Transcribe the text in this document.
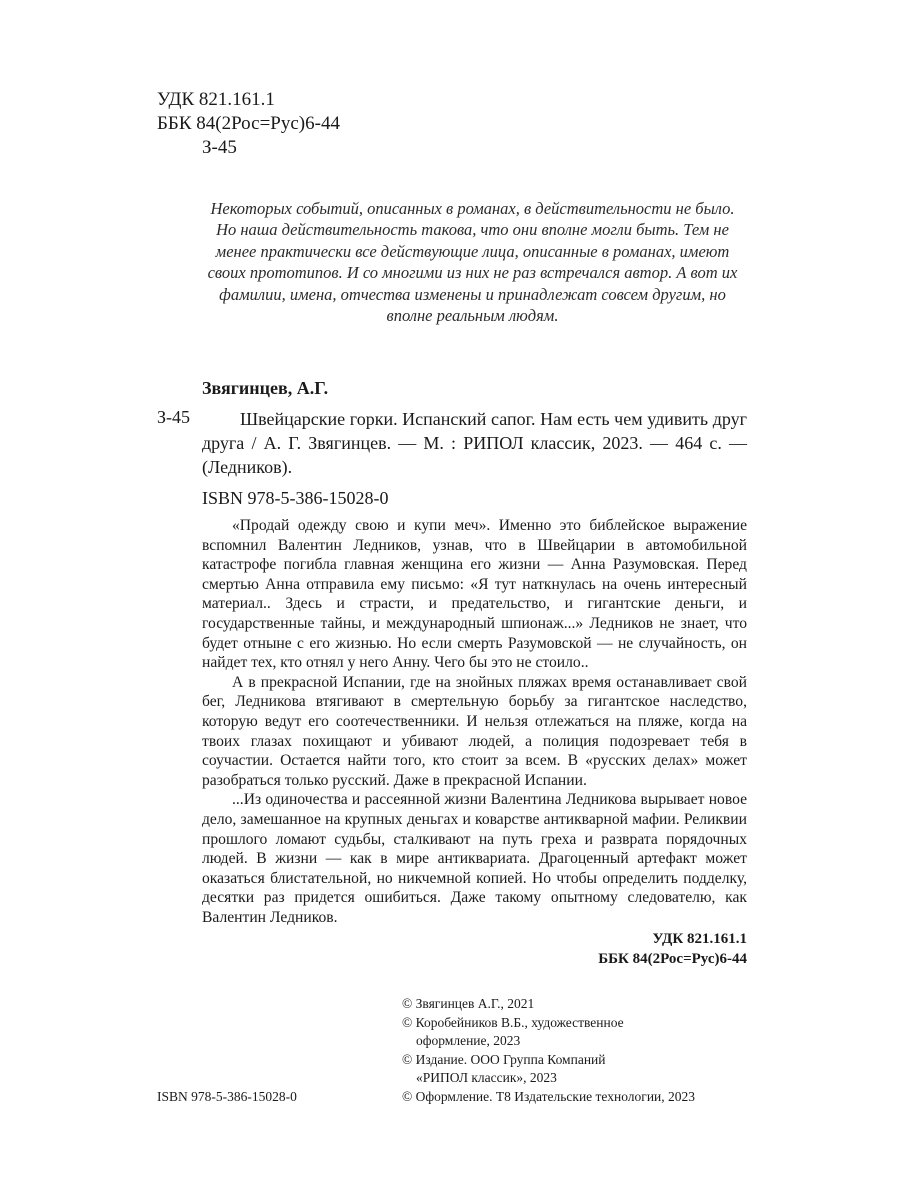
УДК 821.161.1
ББК 84(2Рос=Рус)6-44
З-45
Некоторых событий, описанных в романах, в действительности не было. Но наша действительность такова, что они вполне могли быть. Тем не менее практически все действующие лица, описанные в романах, имеют своих прототипов. И со многими из них не раз встречался автор. А вот их фамилии, имена, отчества изменены и принадлежат совсем другим, но вполне реальным людям.
Звягинцев, А.Г.
З-45	Швейцарские горки. Испанский сапог. Нам есть чем удивить друг друга / А. Г. Звягинцев. — М. : РИПОЛ классик, 2023. — 464 с. — (Ледников).
ISBN 978-5-386-15028-0

«Продай одежду свою и купи меч». Именно это библейское выражение вспомнил Валентин Ледников, узнав, что в Швейцарии в автомобильной катастрофе погибла главная женщина его жизни — Анна Разумовская. Перед смертью Анна отправила ему письмо: «Я тут наткнулась на очень интересный материал.. Здесь и страсти, и предательство, и гигантские деньги, и государственные тайны, и международный шпионаж...» Ледников не знает, что будет отныне с его жизнью. Но если смерть Разумовской — не случайность, он найдет тех, кто отнял у него Анну. Чего бы это не стоило..

А в прекрасной Испании, где на знойных пляжах время останавливает свой бег, Ледникова втягивают в смертельную борьбу за гигантское наследство, которую ведут его соотечественники. И нельзя отлежаться на пляже, когда на твоих глазах похищают и убивают людей, а полиция подозревает тебя в соучастии. Остается найти того, кто стоит за всем. В «русских делах» может разобраться только русский. Даже в прекрасной Испании.

...Из одиночества и рассеянной жизни Валентина Ледникова вырывает новое дело, замешанное на крупных деньгах и коварстве антикварной мафии. Реликвии прошлого ломают судьбы, сталкивают на путь греха и разврата порядочных людей. В жизни — как в мире антиквариата. Драгоценный артефакт может оказаться блистательной, но никчемной копией. Но чтобы определить подделку, десятки раз придется ошибиться. Даже такому опытному следователю, как Валентин Ледников.

УДК 821.161.1
ББК 84(2Рос=Рус)6-44
© Звягинцев А.Г., 2021
© Коробейников В.Б., художественное
оформление, 2023
© Издание. ООО Группа Компаний
«РИПОЛ классик», 2023
© Оформление. Т8 Издательские технологии, 2023
ISBN 978-5-386-15028-0
